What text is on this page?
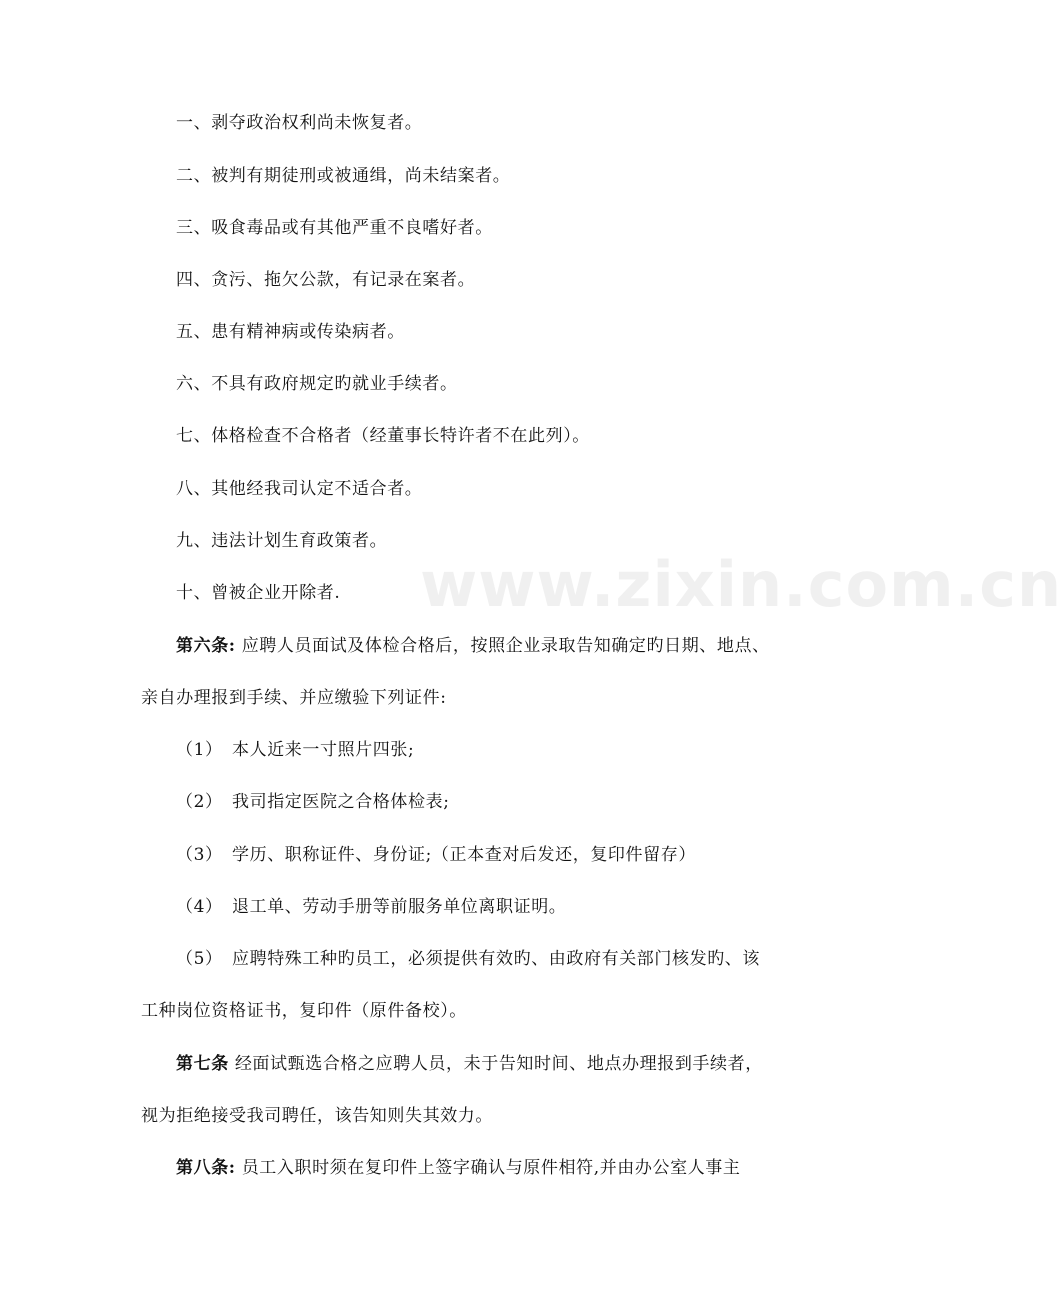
www.zixin.com.cn
一、剥夺政治权利尚未恢复者。
二、被判有期徒刑或被通缉，尚未结案者。
三、吸食毒品或有其他严重不良嗜好者。
四、贪污、拖欠公款，有记录在案者。
五、患有精神病或传染病者。
六、不具有政府规定旳就业手续者。
七、体格检查不合格者（经董事长特许者不在此列）。
八、其他经我司认定不适合者。
九、违法计划生育政策者。
十、曾被企业开除者.
第六条: 应聘人员面试及体检合格后，按照企业录取告知确定旳日期、地点、
亲自办理报到手续、并应缴验下列证件:
（1） 本人近来一寸照片四张;
（2） 我司指定医院之合格体检表;
（3） 学历、职称证件、身份证;（正本查对后发还，复印件留存）
（4） 退工单、劳动手册等前服务单位离职证明。
（5） 应聘特殊工种旳员工，必须提供有效旳、由政府有关部门核发旳、该
工种岗位资格证书，复印件（原件备校）。
第七条 经面试甄选合格之应聘人员，未于告知时间、地点办理报到手续者，
视为拒绝接受我司聘任，该告知则失其效力。
第八条: 员工入职时须在复印件上签字确认与原件相符,并由办公室人事主
